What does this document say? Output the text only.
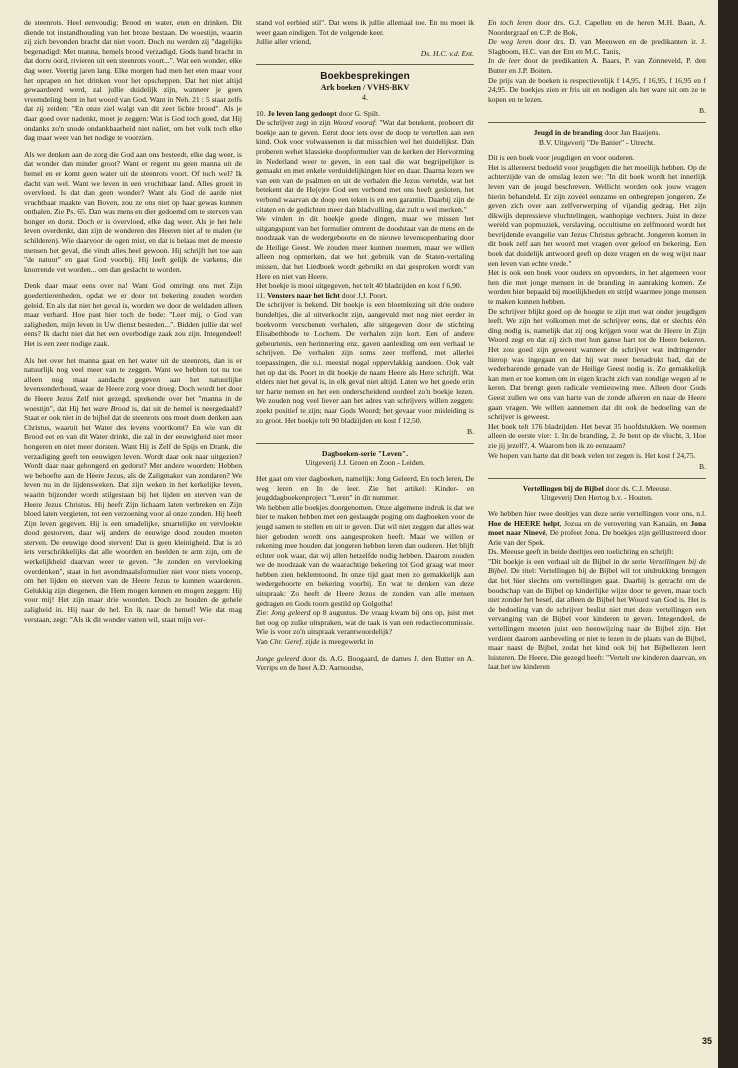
de steenrots. Heel eenvoudig: Brood en water, eten en drinken. Dit diende tot instandhouding van het broze bestaan. De woestijn, waarin zij zich bevonden bracht dat niet voort. Doch nu werden zij "dagelijks begenadigd: Met manna, hemels brood verzadigd. Gods hand bracht in dat dorre oord, rivieren uit een steenrots voort...". Wat een wonder, elke dag weer. Veertig jaren lang. Elke morgen had men het eten maar voor het oprapen en het drinken voor het opscheppen. Dat het niet altijd gewaardeerd werd, zal jullie duidelijk zijn, wanneer je geen vreemdeling bent in het woord van God. Want in Neh. 21 : 5 staat zelfs dat zij zeiden: "En onze ziel walgt van dit zeer lichte brood". Als je daar goed over nadenkt, moet je zeggen: Wat is God toch goed, dat Hij ondanks zo'n snode ondankbaarheid niet naliet, om het volk toch elke dag maar weer van het nodige te voorzien.

Als we denken aan de zorg die God aan ons besteedt, elke dag weer, is dat wonder dan minder groot? Want er regent nu geen manna uit de hemel en er komt geen water uit de steenrots voort. Of toch wel? Ik dacht van wel. Want we leven in een vruchtbaar land. Alles groeit in overvloed. Is dat dan geen wonder? Want als God de aarde niet vruchtbaar maakte van Boven, zou ze ons niet op haar gewas kunnen onthalen. Zie Ps. 65. Dan was mens en dier gedoemd om te sterven van honger en dorst. Doch er is overvloed, elke dag weer. Als je het hele leven overdenkt, dan zijn de wonderen des Heeren niet af te malen (te schilderen). Wie daarvoor de ogen mist, en dat is helaas met de meeste mensen het geval, die vindt alles heel gewoon. Hij schrijft het toe aan "de natuur" en gaat God voorbij. Hij leeft gelijk de varkens, die knorrende vet worden... om dan geslacht te worden.

Denk daar maar eens over na! Want God omringt ons met Zijn goedertierenheden, opdat we er door tot bekering zouden worden geleid. En als dat niet het geval is, worden we door de weldaden alleen maar verhard. Hoe past hier toch de bede: "Leer mij, o God van zaligheden, mijn leven in Uw dienst besteden...". Bidden jullie dat wel eens? Ik dacht niet dat het een overbodige zaak zou zijn. Integendeel! Het is een zeer nodige zaak.

Als het over het manna gaat en het water uit de steenrots, dan is er natuurlijk nog veel meer van te zeggen. Want we hebben tot nu toe alleen nog maar aandacht gegeven aan het natuurlijke levensonderhoud, waar de Heere zorg voor droeg. Doch wordt het door de Heere Jezus Zelf niet gezegd, sprekende over het "manna in de woestijn", dat Hij het ware Brood is, dat uit de hemel is neergedaald? Staat er ook niet in de bijbel dat de steenrots ons moet doen denken aan Christus, waaruit het Water des levens voortkomt? En wie van dit Brood eet en van dit Water drinkt, die zal in der eeuwigheid niet meer hongeren en niet meer dorsten. Want Hij is Zelf de Spijs en Drank, die verzadiging geeft ten eeuwigen leven. Wordt daar ook naar uitgezien? Wordt daar naar gehongerd en gedorst? Met andere woorden: Hebben we behoefte aan de Heere Jezus, als de Zaligmaker van zondaren? We leven nu in de lijdensweken. Dat zijn weken in het kerkelijke leven, waarin bijzonder wordt stilgestaan bij het lijden en sterven van de Heere Jezus Christus. Hij heeft Zijn lichaam laten verbreken en Zijn bloed laten vergieten, tot een verzoening voor al onze zonden. Hij heeft Zijn leven gegeven. Hij is een smadelijke, smartelijke en vervloekte dood gestorven, daar wij anders de eeuwige dood zouden moeten sterven. De eeuwige dood sterven! Dat is geen kleinigheid. Dat is zó iets verschrikkelijks dat alle woorden en beelden te arm zijn, om de werkelijkheid daarvan weer te geven. "Je zonden en vervloeking overdenken", staat in het avondmaalsformulier niet voor niets voorop, om het lijden en sterven van de Heere Jezus te kunnen waarderen. Gelukkig zijn diegenen, die Hem mogen kennen en mogen zeggen: Hij voor mij! Het zijn maar drie woorden. Doch ze houden de gehele zaligheid in. Hij naar de hel. En ik naar de hemel! Wie dat mag verstaan, zegt: "Als ik dit wonder vatten wil, staat mijn ver-

stand vol eerbied stil". Dat wens ik jullie allemaal toe. En nu moet ik weer gaan eindigen. Tot de volgende keer.

Jullie aller vriend,

Ds. H.C. v.d. Ent.
Boekbesprekingen
Ark boeken / VVHS-BKV
4.

10. Je leven lang gedoopt door G. Spilt.

De schrijver zegt in zijn Woord vooraf: "Wat dat betekent, probeert dit boekje aan te geven. Eerst door iets over de doop te vertellen aan een kind. Ook voor volwassenen is dat misschien wel het duidelijkst. Dan proberen wehet klassieke doopformulier van de kerken der Hervorming in Nederland weer te geven, in een taal die wat begrijpelijker is gemaakt en met enkele verduidelijkingen hier en daar. Daarna lezen we van een van de psalmen en uit de verhalen die Jezus vertelde, wat het betekent dat de He(e)re God een verbond met ons heeft gesloten, het verbond waarvan de doop een teken is en een garantie. Daarbij zijn de citaten en de gedichten meer dan bladvulling, dat zult u wel merken."

We vinden in dit boekje goede dingen, maar we missen het uitgangspunt van het formulier omtrent de doodstaat van de mens en de noodzaak van de wedergeboorte en de nieuwe levensopenbaring door de Heilige Geest. We zouden meer kunnen noemen, maar we willen alleen nog opmerken, dat we het gebruik van de Staten-vertaling missen, dat het Liedboek wordt gebruikt en dat gesproken wordt van Here en niet van Heere.

Het boekje is mooi uitgegeven, het telt 40 bladzijden en kost f 6,90.

11. Vensters naar het licht door J.J. Poort.

De schrijver is bekend. Dit boekje is een bloemlezing uit drie oudere bundeltjes, die al uitverkocht zijn, aangevuld met nog niet eerder in boekvorm verschenen verhalen, alle uitgegeven door de stichting Elisabethbode te Lochem. De verhalen zijn kort. Een of andere gebeurtenis, een herinnering enz. gaven aanleiding om een verhaal te schrijven. De verhalen zijn soms zeer treffend, met allerlei toepassingen, die o.i. meestal nogal oppervlakkig aandoen. Ook valt het op dat ds. Poort in dit boekje de naam Heere als Here schrijft. Wat elders niet het geval is, in elk geval niet altijd. Laten we het goede erin ter harte nemen en het een onderscheidend oordeel zo'n boekje lezen. We zouden nog veel liever aan het adres van schrijvers willen zeggen: zoekt positief te zijn; naar Gods Woord; het gevaar voor misleiding is zo groot. Het boekje telt 90 bladzijden en kost f 12,50.

B.
Dagboeken-serie "Leven".
Uitgeverij J.J. Groen en Zoon - Leiden.

Het gaat om vier dagboeken, namelijk: Jong Geleerd, En toch leren, De weg leren en In de leer. Zie het artikel: Kinder- en jeugddagboekenproject "Leren" in dit nummer.

We hebben alle boekjes doorgenomen. Onze algemene indruk is dat we hier te maken hebben met een geslaagde poging om dagboeken voor de jeugd samen te stellen en uit te geven. Dat wil niet zeggen dat alles wat hier geboden wordt ons aangesproken heeft. Maar we willen er rekening mee houden dat jongeren hebben leren dan ouderen. Het blijft echter ook waar, dat wij allen hetzelfde nodig hebben. Daarom zouden we de noodzaak van de waarachtige bekering tot God graag wat meer hebben zien beklemtoond. In onze tijd gaat men zo gemakkelijk aan wedergeboorte en bekering voorbij. En wat te denken van deze uitspraak: Zo heeft de Heere Jezus de zonden van alle mensen gedragen en Gods toorn gestild op Golgotha!

Zie: Jong geleerd op 8 augustus. De vraag kwam bij ons op, juist met het oog op zulke uitspraken, wat de taak is van een redactiecommissie. Wie is voor zo'n uitspraak verantwoordelijk?

Van Chr. Geref. zijde is meegewerkt in

Jonge geleerd door ds. A.G. Boogaard, de dames J. den Butter en A. Verrips en de heer A.D. Aarnoudse,

En toch leren door drs. G.J. Capellen en de heren M.H. Baan, A. Noordergraaf en C.P. de Bok,

De weg leren door drs. D. van Meeuwen en de predikanten ir. J. Slagboom, H.C. van der Ent en M.C. Tanis,

In de leer door de predikanten A. Baars, P. van Zonneveld, P. den Butter en J.P. Boiten.

De prijs van de boeken is respectievelijk f 14,95, f 16,95, f 16,95 en f 24,95. De boekjes zien er fris uit en nodigen als het ware uit om ze te kopen en te lezen.

B.
Jeugd in de branding door Jan Baaijens.
B.V. Uitgeverij "De Banier" - Utrecht.

Dit is een boek voor jeugdigen en voor ouderen.

Het is allereerst bedoeld voor jeugdigen die het moeilijk hebben. Op de achterzijde van de omslag lezen we: "In dit boek wordt het innerlijk leven van de jeugd beschreven. Wellicht worden ook jouw vragen hierin behandeld. Er zijn zoveel eenzame en onbegrepen jongeren. Ze geven zich over aan zelfverwerping of vijandig gedrag. Het zijn dikwijls depressieve vluchtelingen, wanhopige vechters. Juist in deze wereld van popmuziek, verslaving, occultisme en zelfmoord wordt het bevrijdende evangelie van Jezus Christus gebracht. Jongeren komen in dit boek zelf aan het woord met vragen over geloof en bekering. Een boek dat duidelijk antwoord geeft op deze vragen en de weg wijst naar een leven van echte vrede."

Het is ook een boek voor ouders en opvoeders, in het algemeen voor hen die met jonge mensen in de branding in aanraking komen. Ze worden hier bepaald bij moeilijkheden en strijd waarmee jonge mensen te maken kunnen hebben.

De schrijver blijkt goed op de hoogte te zijn met wat onder jeugdigen leeft. We zijn het volkomen met de schrijver eens, dat er slechts één ding nodig is, namelijk dat zij oog krijgen voor wat de Heere in Zijn Woord zegt en dat zij zich met hun ganse hart tot de Heere bekeren. Het zou goed zijn geweest wanneer de schrijver wat indringender hierop was ingegaan en dat hij wat meer benadrukt had, dat de wederbarende genade van de Heilige Geest nodig is. Zo gemakkelijk kan men er toe komen om in eigen kracht zich van zondige wegen af te keren. Dat brengt geen radicale vernieuwing mee. Alleen door Gods Geest zullen we ons van harte van de zonde afkeren en naar de Heere gaan vragen. We willen aannemen dat dit ook de bedoeling van de schrijver is geweest.

Het boek telt 176 bladzijden. Het bevat 35 hoofdstukken. We noemen alleen de eerste vier: 1. In de branding, 2. Je bent op de vlucht, 3. Hoe zie jij jezelf?, 4. Waarom ben ik zo eenzaam?

We hopen van harte dat dit boek velen tot zegen is. Het kost f 24,75.

B.
Vertellingen bij de Bijbel door ds. C.J. Meeuse.
Uitgeverij Den Hertog b.v. - Houten.

We hebben hier twee deeltjes van deze serie vertellingen voor ons, n.l. Hoe de HEERE helpt, Jozua en de verovering van Kanaän, en Jona moet naar Ninevé, De profeet Jona. De boekjes zijn geïllustreerd door Arie van der Spek.

Ds. Meeuse geeft in beide deeltjes een toelichting en schrijft:

"Dit boekje is een verhaal uit de Bijbel in de serie Vertellingen bij de Bijbel. De titel: Vertellingen bij de Bijbel wil tot uitdrukking brengen dat het hier slechts om vertellingen gaat. Daarbij is getracht om de boodschap van de Bijbel op kinderlijke wijze door te geven, maar toch niet zonder het besef, dat alleen de Bijbel het Woord van God is. Het is de bedoeling van de schrijver beslist niet met deze vertellingen een vervanging van de Bijbel voor kinderen te geven. Integendeel, de vertellingen moeten juist een heenwijzing naar de Bijbel zijn. Het verdient daarom aanbeveling er niet te lezen in de plaats van de Bijbel, maar naast de Bijbel, zodat het kind ook bij het Bijbellezen leert luisteren. De Heere, Die gezegd heeft: "Vertelt uw kinderen daarvan, en laat het uw kinderen

35
